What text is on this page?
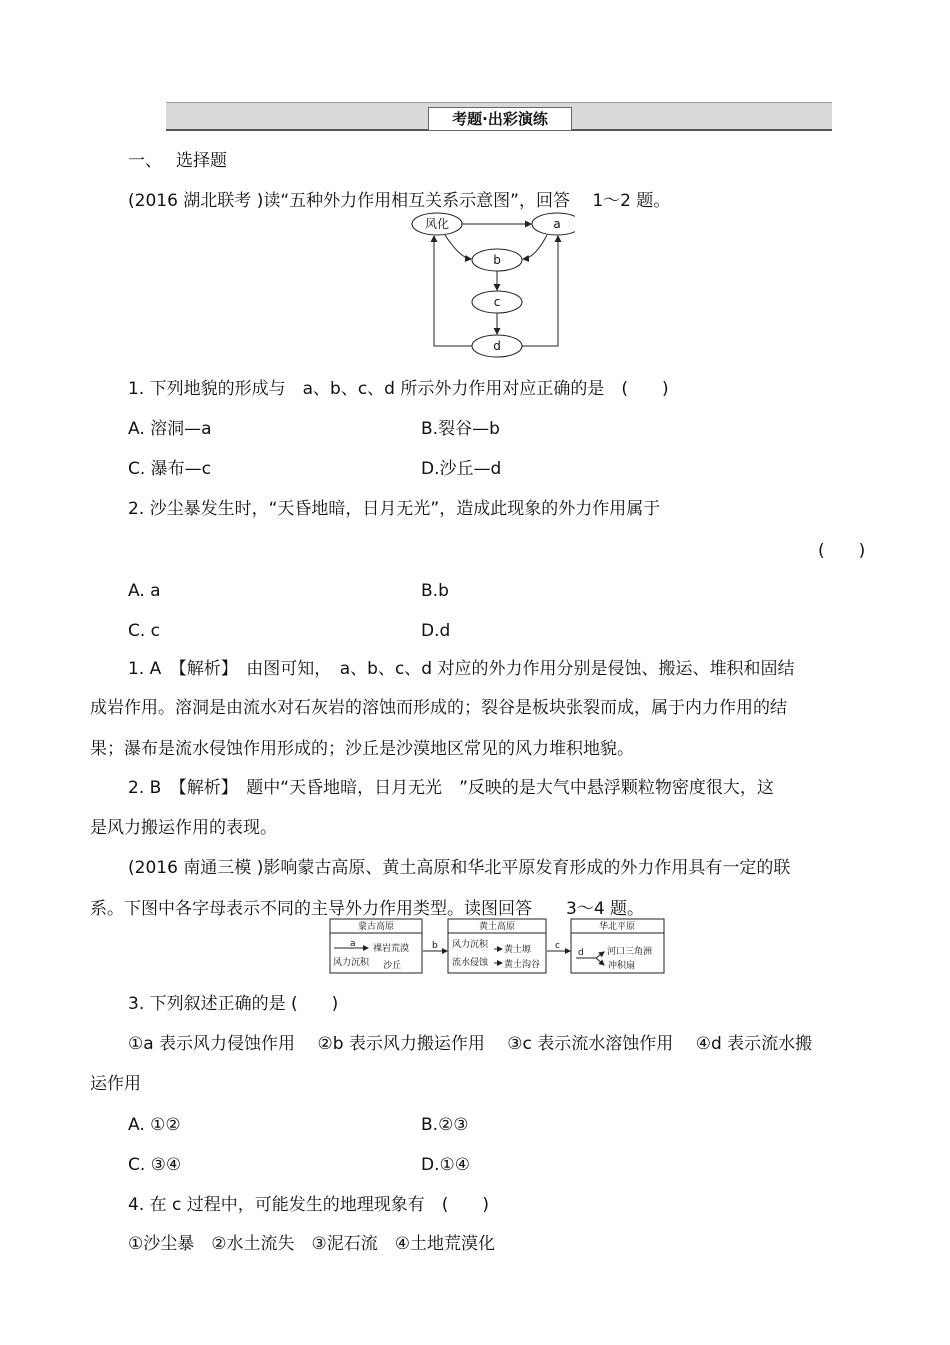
考题·出彩演练
一、 选择题
(2016 湖北联考 )读“五种外力作用相互关系示意图”，回答　 1～2 题。
风化	a
b
c
d
1. 下列地貌的形成与　a、b、c、d 所示外力作用对应正确的是　(　　)
A. 溶洞—a	B.裂谷—b
C. 瀑布—c	D.沙丘—d
2. 沙尘暴发生时，“天昏地暗，日月无光”，造成此现象的外力作用属于
(　　)
A. a	B.b
C. c	D.d
1. A　【解析】　由图可知，　a、b、c、d 对应的外力作用分别是侵蚀、搬运、堆积和固结
成岩作用。溶洞是由流水对石灰岩的溶蚀而形成的；裂谷是板块张裂而成，属于内力作用的结
果；瀑布是流水侵蚀作用形成的；沙丘是沙漠地区常见的风力堆积地貌。
2. B　【解析】　题中“天昏地暗，日月无光　”反映的是大气中悬浮颗粒物密度很大，这
是风力搬运作用的表现。
(2016 南通三模 )影响蒙古高原、黄土高原和华北平原发育形成的外力作用具有一定的联
系。下图中各字母表示不同的主导外力作用类型。读图回答　　3～4 题。
蒙古高原
a 裸岩荒漠
风力沉积 沙丘
b
黄土高原
风力沉积
流水侵蚀
黄土塬
黄土沟谷
c
华北平原
d	河口三角洲
冲积扇
3. 下列叙述正确的是 (　　)
①a 表示风力侵蚀作用　 ②b 表示风力搬运作用　 ③c 表示流水溶蚀作用　 ④d 表示流水搬
运作用
A. ①②	B.②③
C. ③④	D.①④
4. 在 c 过程中，可能发生的地理现象有　(　　)
①沙尘暴　②水土流失　③泥石流　④土地荒漠化
